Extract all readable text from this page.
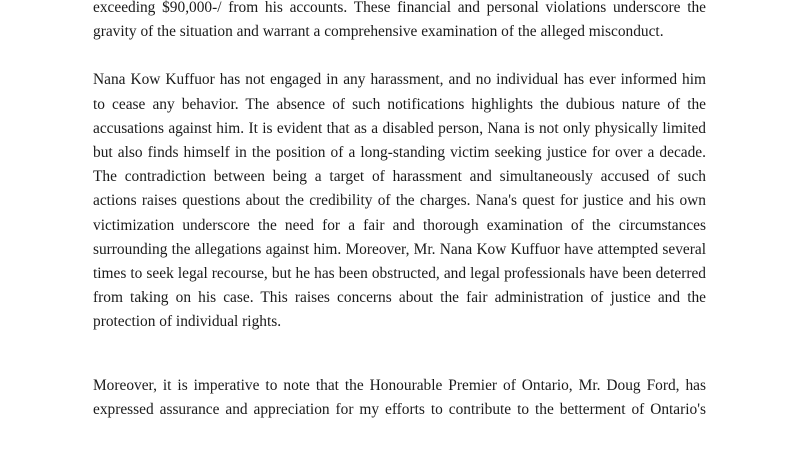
exceeding $90,000-/ from his accounts. These financial and personal violations underscore the
gravity of the situation and warrant a comprehensive examination of the alleged misconduct.

Nana Kow Kuffuor has not engaged in any harassment, and no individual has ever informed him
to cease any behavior. The absence of such notifications highlights the dubious nature of the
accusations against him. It is evident that as a disabled person, Nana is not only physically limited
but also finds himself in the position of a long-standing victim seeking justice for over a decade.
The contradiction between being a target of harassment and simultaneously accused of such
actions raises questions about the credibility of the charges. Nana's quest for justice and his own
victimization underscore the need for a fair and thorough examination of the circumstances
surrounding the allegations against him. Moreover, Mr. Nana Kow Kuffuor have attempted several
times to seek legal recourse, but he has been obstructed, and legal professionals have been deterred
from taking on his case. This raises concerns about the fair administration of justice and the
protection of individual rights.

Moreover, it is imperative to note that the Honourable Premier of Ontario, Mr. Doug Ford, has
expressed assurance and appreciation for my efforts to contribute to the betterment of Ontario's
